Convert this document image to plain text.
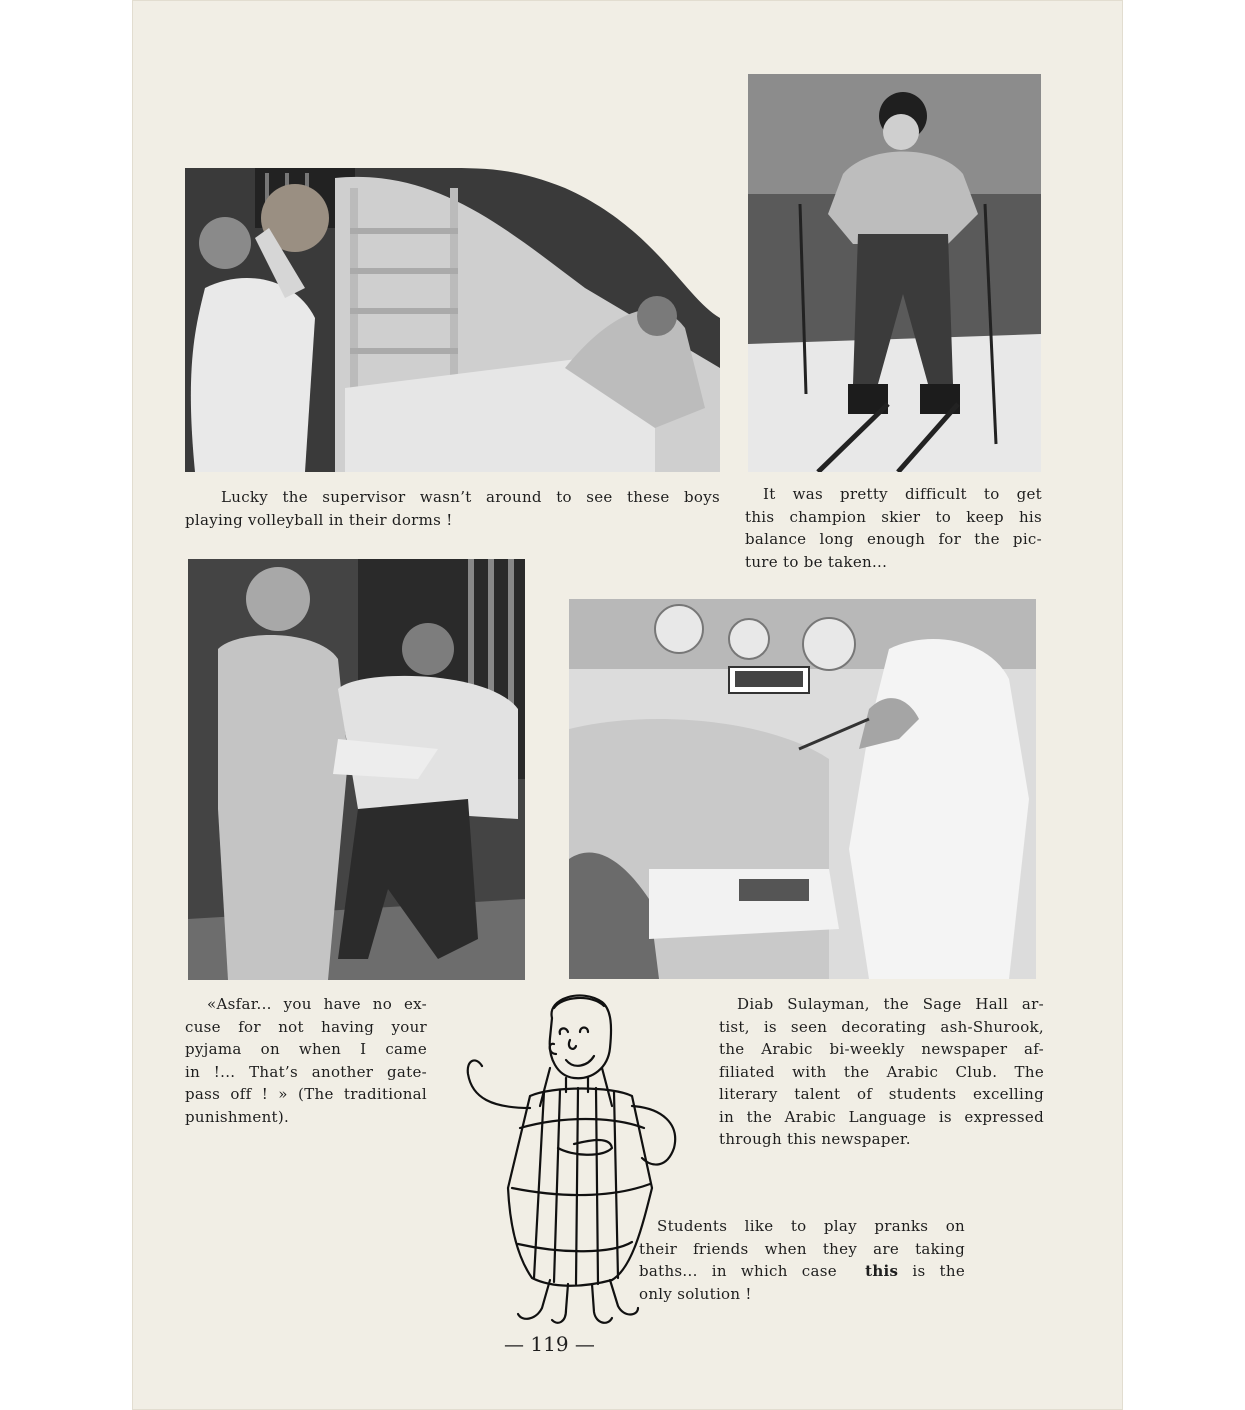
Lucky the supervisor wasn’t around to see these boys

playing volleyball in their dorms !

It was pretty difficult to get

this champion skier to keep his

balance long enough for the pic-

ture to be taken...

«Asfar... you have no ex-

cuse for not having your

pyjama on when I came

in !... That’s another gate-

pass off ! » (The traditional

punishment).

Diab Sulayman, the Sage Hall ar-

tist, is seen decorating ash-Shurook,

the Arabic bi-weekly newspaper af-

filiated with the Arabic Club. The

literary talent of students excelling

in the Arabic Language is expressed

through this newspaper.

Students like to play pranks on

their friends when they are taking

baths... in which case this is the

only solution !

— 119 —
